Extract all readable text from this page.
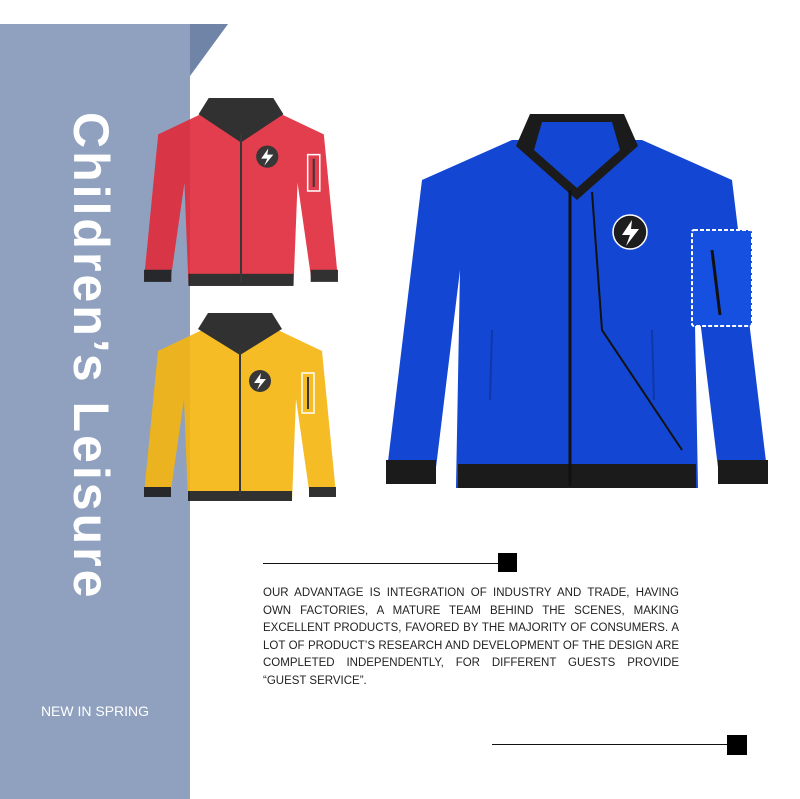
Children’s Leisure
NEW IN SPRING
OUR ADVANTAGE IS INTEGRATION OF INDUSTRY AND TRADE, HAVING OWN FACTORIES, A MATURE TEAM BEHIND THE SCENES, MAKING EXCELLENT PRODUCTS, FAVORED BY THE MAJORITY OF CONSUMERS. A LOT OF PRODUCT’S RESEARCH AND DEVELOPMENT OF THE DESIGN ARE COMPLETED INDEPENDENTLY, FOR DIFFERENT GUESTS PROVIDE “GUEST SERVICE”.
